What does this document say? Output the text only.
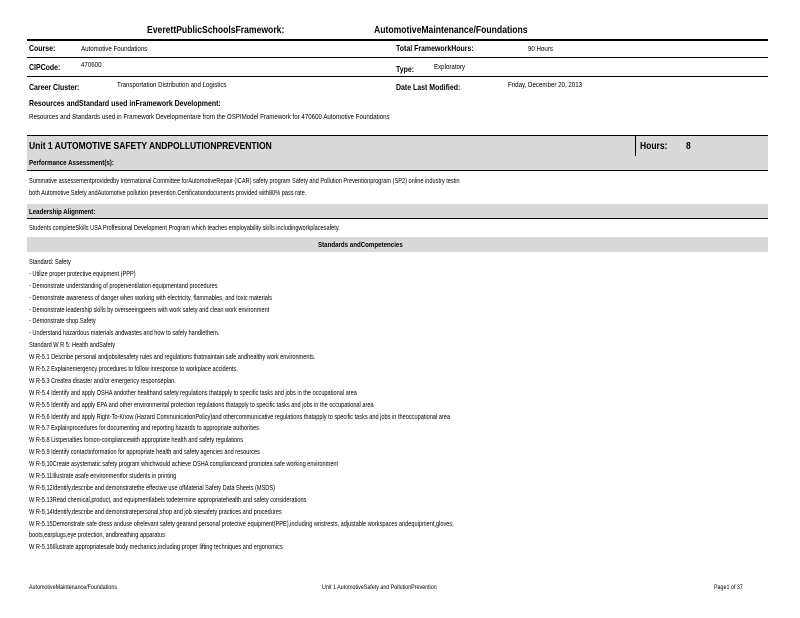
EverettPublicSchoolsFramework:	AutomotiveMaintenance/Foundations
Course:	Automotive Foundations	Total FrameworkHours:	90 Hours
CIPCode:	470600	Type:	Exploratory
Career Cluster:	Transportation Distribution and Logistics	Date Last Modified:	Friday, December 20, 2013
Resources andStandard used inFramework Development:
Resources and Standards used in Framework Developmentare from the OSPIModel Framework for 470600 Automotive Foundations
Unit 1 AUTOMOTIVE SAFETY ANDPOLLUTIONPREVENTION	Hours: 8
Performance Assessment(s):
Summative assessementprovidedby International Committee forAutomotiveRepair (ICAR) safety program Safety and Pollution Preventionprogram (SP2) online industry testin
both Automotive Safety andAutomotive pollution prevention.Certificationdocuments provided with80% pass rate.
Leadership Alignment:
Students completeSkills USA Proffesional Development Program which teaches employability skills includingworkplacesafety.
Standards andCompetencies
Standard: Safety
- Utilize proper protective equipment (PPP)
- Demonstrate understanding of properventilation equipmentand procedures
- Demonstrate awareness of danger when working with electricity, flammables, and toxic materials
- Demonstrate leadership skills by overseeingpeers with work safety and clean work environment
- Demonstrate shop Safety
- Understand hazardous materials andwastes and how to safely handlethem.
Standard W R 5: Health andSafety
W R-5.1 Describe personal andjobsitesafety rules and regulations thatmaintain safe andhealthy work environments.
W R-5.2 Explainemergency procedures to follow inresponse to workplace accidents.
W R-5.3 Createa disaster and/or emergency responseplan.
W R-5.4 Identify and apply OSHA andother healthand safety regulations thatapply to specific tasks and jobs in the occupational area
W R-5.5 Identify and apply EPA and other environmental protection regulations thatapply to specific tasks and jobs in the occupational area
W R-5.6 Identify and apply Right-To-Know (Hazard CommunicationPolicy)and othercommunicative regulations thatapply to specific tasks and jobs in theoccupational area
W R-5.7 Explainprocedures for documenting and reporting hazards to appropriate authorities
W R-5.8 Listpenalties fornon-compliancewith appropriate health and safety regulations
W R-5.9 Identify contactinformation for appropriate health and safety agencies and resources
W R-5.10Create asystematic safety program whichwould achieve OSHA complianceand promotea safe working environment
W R-5.11Illustrate asafe environmentfor students in printing
W R-5.12Identify,describe and demonstratethe effective use ofMaterial Safety Data Sheets (MSDS)
W R-5.13Read chemical,product, and equipmentlabels todetermine appropriatehealth and safety considerations
W R-5.14Identify,describe and demonstratepersonal,shop and job sitesafety practices and procedures
W R-5.15Demonstrate safe dress anduse ofrelevant safety gearand personal protective equipment(PPE),including wristrests, adjustable workspaces andequipment,gloves,
boots,earplugs,eye protection, andbreathing apparatus
W R-5.16Illustrate appropriatesafe body mechanics,including proper lifting techniques and ergonomics
AutomotiveMaintenance/Foundations	Unit 1 AutomotiveSafety and PollutionPrevention	Page1 of 37
